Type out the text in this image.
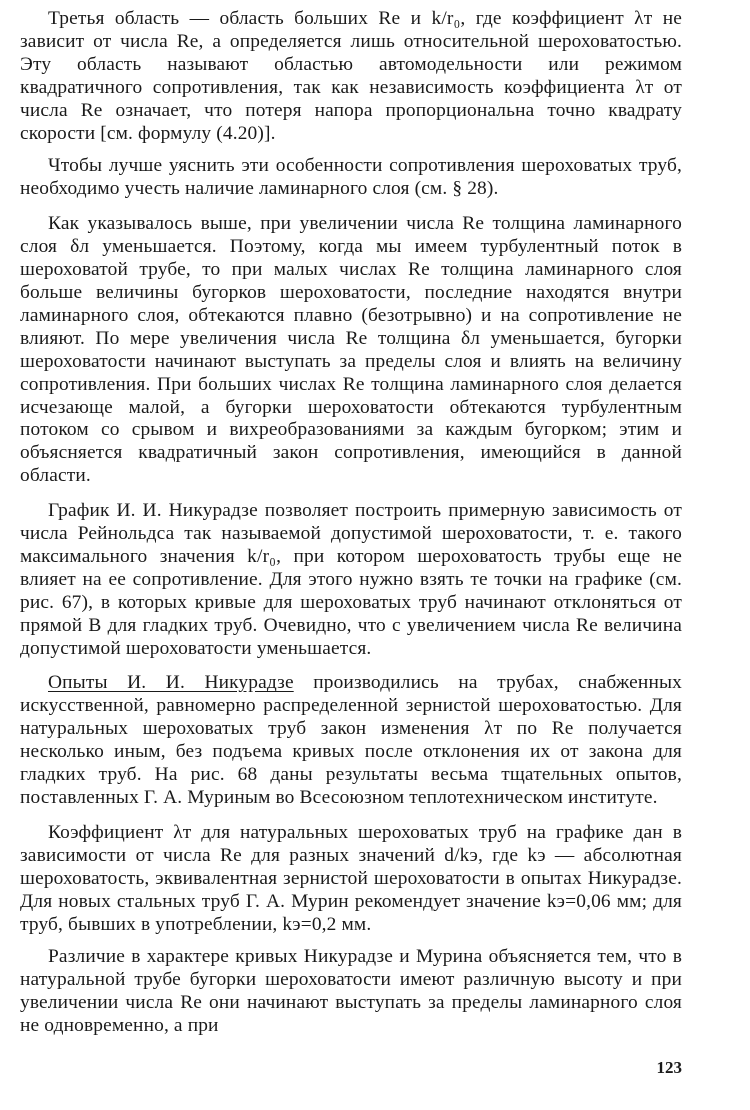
Третья область — область больших Re и k/r₀, где коэффициент λт не зависит от числа Re, а определяется лишь относительной шероховатостью. Эту область называют областью автомодельности или режимом квадратичного сопротивления, так как независимость коэффициента λт от числа Re означает, что потеря напора пропорциональна точно квадрату скорости [см. формулу (4.20)].

Чтобы лучше уяснить эти особенности сопротивления шероховатых труб, необходимо учесть наличие ламинарного слоя (см. § 28).

Как указывалось выше, при увеличении числа Re толщина ламинарного слоя δл уменьшается. Поэтому, когда мы имеем турбулентный поток в шероховатой трубе, то при малых числах Re толщина ламинарного слоя больше величины бугорков шероховатости, последние находятся внутри ламинарного слоя, обтекаются плавно (безотрывно) и на сопротивление не влияют. По мере увеличения числа Re толщина δл уменьшается, бугорки шероховатости начинают выступать за пределы слоя и влиять на величину сопротивления. При больших числах Re толщина ламинарного слоя делается исчезающе малой, а бугорки шероховатости обтекаются турбулентным потоком со срывом и вихреобразованиями за каждым бугорком; этим и объясняется квадратичный закон сопротивления, имеющийся в данной области.

График И. И. Никурадзе позволяет построить примерную зависимость от числа Рейнольдса так называемой допустимой шероховатости, т. е. такого максимального значения k/r₀, при котором шероховатость трубы еще не влияет на ее сопротивление. Для этого нужно взять те точки на графике (см. рис. 67), в которых кривые для шероховатых труб начинают отклоняться от прямой B для гладких труб. Очевидно, что с увеличением числа Re величина допустимой шероховатости уменьшается.

Опыты И. И. Никурадзе производились на трубах, снабженных искусственной, равномерно распределенной зернистой шероховатостью. Для натуральных шероховатых труб закон изменения λт по Re получается несколько иным, без подъема кривых после отклонения их от закона для гладких труб. На рис. 68 даны результаты весьма тщательных опытов, поставленных Г. А. Муриным во Всесоюзном теплотехническом институте.

Коэффициент λт для натуральных шероховатых труб на графике дан в зависимости от числа Re для разных значений d/kэ, где kэ — абсолютная шероховатость, эквивалентная зернистой шероховатости в опытах Никурадзе. Для новых стальных труб Г. А. Мурин рекомендует значение kэ=0,06 мм; для труб, бывших в употреблении, kэ=0,2 мм.

Различие в характере кривых Никурадзе и Мурина объясняется тем, что в натуральной трубе бугорки шероховатости имеют различную высоту и при увеличении числа Re они начинают выступать за пределы ламинарного слоя не одновременно, а при

123
